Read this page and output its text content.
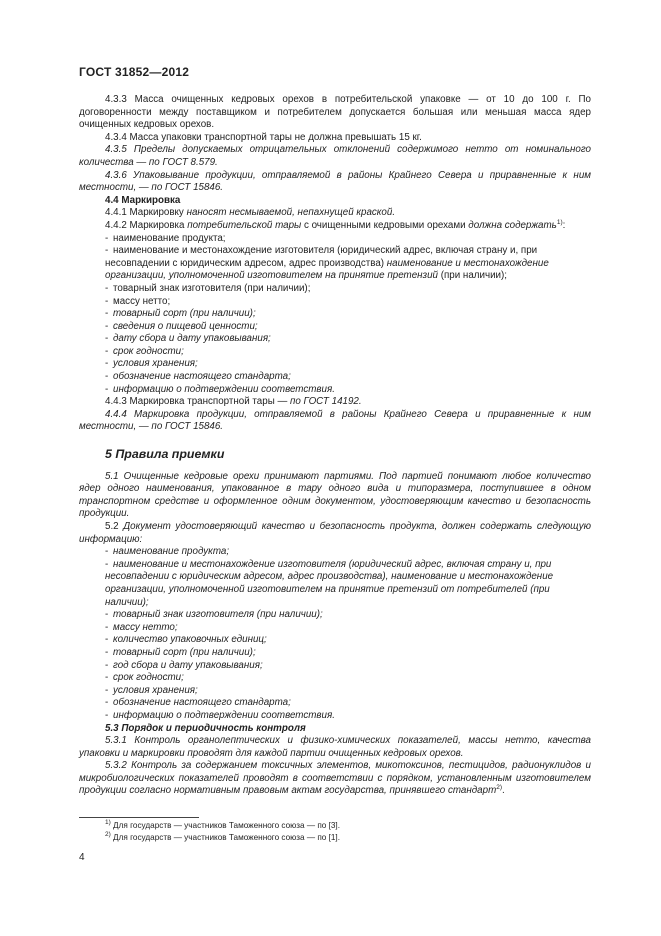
ГОСТ 31852—2012
4.3.3 Масса очищенных кедровых орехов в потребительской упаковке — от 10 до 100 г. По договоренности между поставщиком и потребителем допускается большая или меньшая масса ядер очищенных кедровых орехов.
4.3.4 Масса упаковки транспортной тары не должна превышать 15 кг.
4.3.5 Пределы допускаемых отрицательных отклонений содержимого нетто от номинального количества — по ГОСТ 8.579.
4.3.6 Упаковывание продукции, отправляемой в районы Крайнего Севера и приравненные к ним местности, — по ГОСТ 15846.
4.4 Маркировка
4.4.1 Маркировку наносят несмываемой, непахнущей краской.
4.4.2 Маркировка потребительской тары с очищенными кедровыми орехами должна содержать$^{1)}$:
- наименование продукта;
- наименование и местонахождение изготовителя (юридический адрес, включая страну и, при несовпадении с юридическим адресом, адрес производства) наименование и местонахождение организации, уполномоченной изготовителем на принятие претензий (при наличии);
- товарный знак изготовителя (при наличии);
- массу нетто;
- товарный сорт (при наличии);
- сведения о пищевой ценности;
- дату сбора и дату упаковывания;
- срок годности;
- условия хранения;
- обозначение настоящего стандарта;
- информацию о подтверждении соответствия.
4.4.3 Маркировка транспортной тары — по ГОСТ 14192.
4.4.4 Маркировка продукции, отправляемой в районы Крайнего Севера и приравненные к ним местности, — по ГОСТ 15846.
5 Правила приемки
5.1 Очищенные кедровые орехи принимают партиями. Под партией понимают любое количество ядер одного наименования, упакованное в тару одного вида и типоразмера, поступившее в одном транспортном средстве и оформленное одним документом, удостоверяющим качество и безопасность продукции.
5.2 Документ удостоверяющий качество и безопасность продукта, должен содержать следующую информацию:
- наименование продукта;
- наименование и местонахождение изготовителя (юридический адрес, включая страну и, при несовпадении с юридическим адресом, адрес производства), наименование и местонахождение организации, уполномоченной изготовителем на принятие претензий от потребителей (при наличии);
- товарный знак изготовителя (при наличии);
- массу нетто;
- количество упаковочных единиц;
- товарный сорт (при наличии);
- год сбора и дату упаковывания;
- срок годности;
- условия хранения;
- обозначение настоящего стандарта;
- информацию о подтверждении соответствия.
5.3 Порядок и периодичность контроля
5.3.1 Контроль органолептических и физико-химических показателей, массы нетто, качества упаковки и маркировки проводят для каждой партии очищенных кедровых орехов.
5.3.2 Контроль за содержанием токсичных элементов, микотоксинов, пестицидов, радионуклидов и микробиологических показателей проводят в соответствии с порядком, установленным изготовителем продукции согласно нормативным правовым актам государства, принявшего стандарт$^{2)}$.
$^{1)}$ Для государств — участников Таможенного союза — по [3].
$^{2)}$ Для государств — участников Таможенного союза — по [1].
4
